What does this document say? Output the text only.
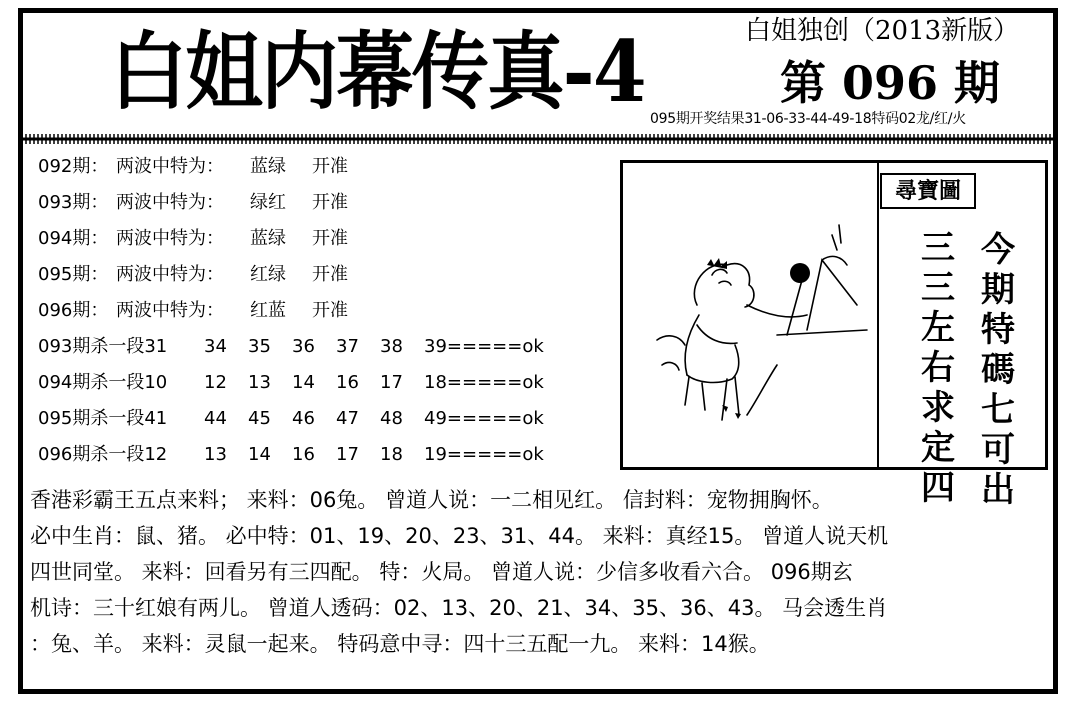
白姐内幕传真-4	白姐独创（2013新版）
第 096 期
095期开奖结果31-06-33-44-49-18特码02龙/红/火
092期： 两波中特为： 蓝绿 开准
093期： 两波中特为： 绿红 开准
094期： 两波中特为： 蓝绿 开准
095期： 两波中特为： 红绿 开准
096期： 两波中特为： 红蓝 开准
093期杀一段31 34 35 36 37 38 39=====ok
094期杀一段10 12 13 14 16 17 18=====ok
095期杀一段41 44 45 46 47 48 49=====ok
096期杀一段12 13 14 16 17 18 19=====ok
尋寶圖
今
期
特
碼
七
可
出
三
三
左
右
求
定
四
香港彩霸王五点来料； 来料：06兔。 曾道人说：一二相见红。 信封料：宠物拥胸怀。
必中生肖：鼠、猪。 必中特：01、19、20、23、31、44。 来料：真经15。 曾道人说天机
四世同堂。 来料：回看另有三四配。 特：火局。 曾道人说：少信多收看六合。 096期玄
机诗：三十红娘有两儿。 曾道人透码：02、13、20、21、34、35、36、43。 马会透生肖
：兔、羊。 来料：灵鼠一起来。 特码意中寻：四十三五配一九。 来料：14猴。
